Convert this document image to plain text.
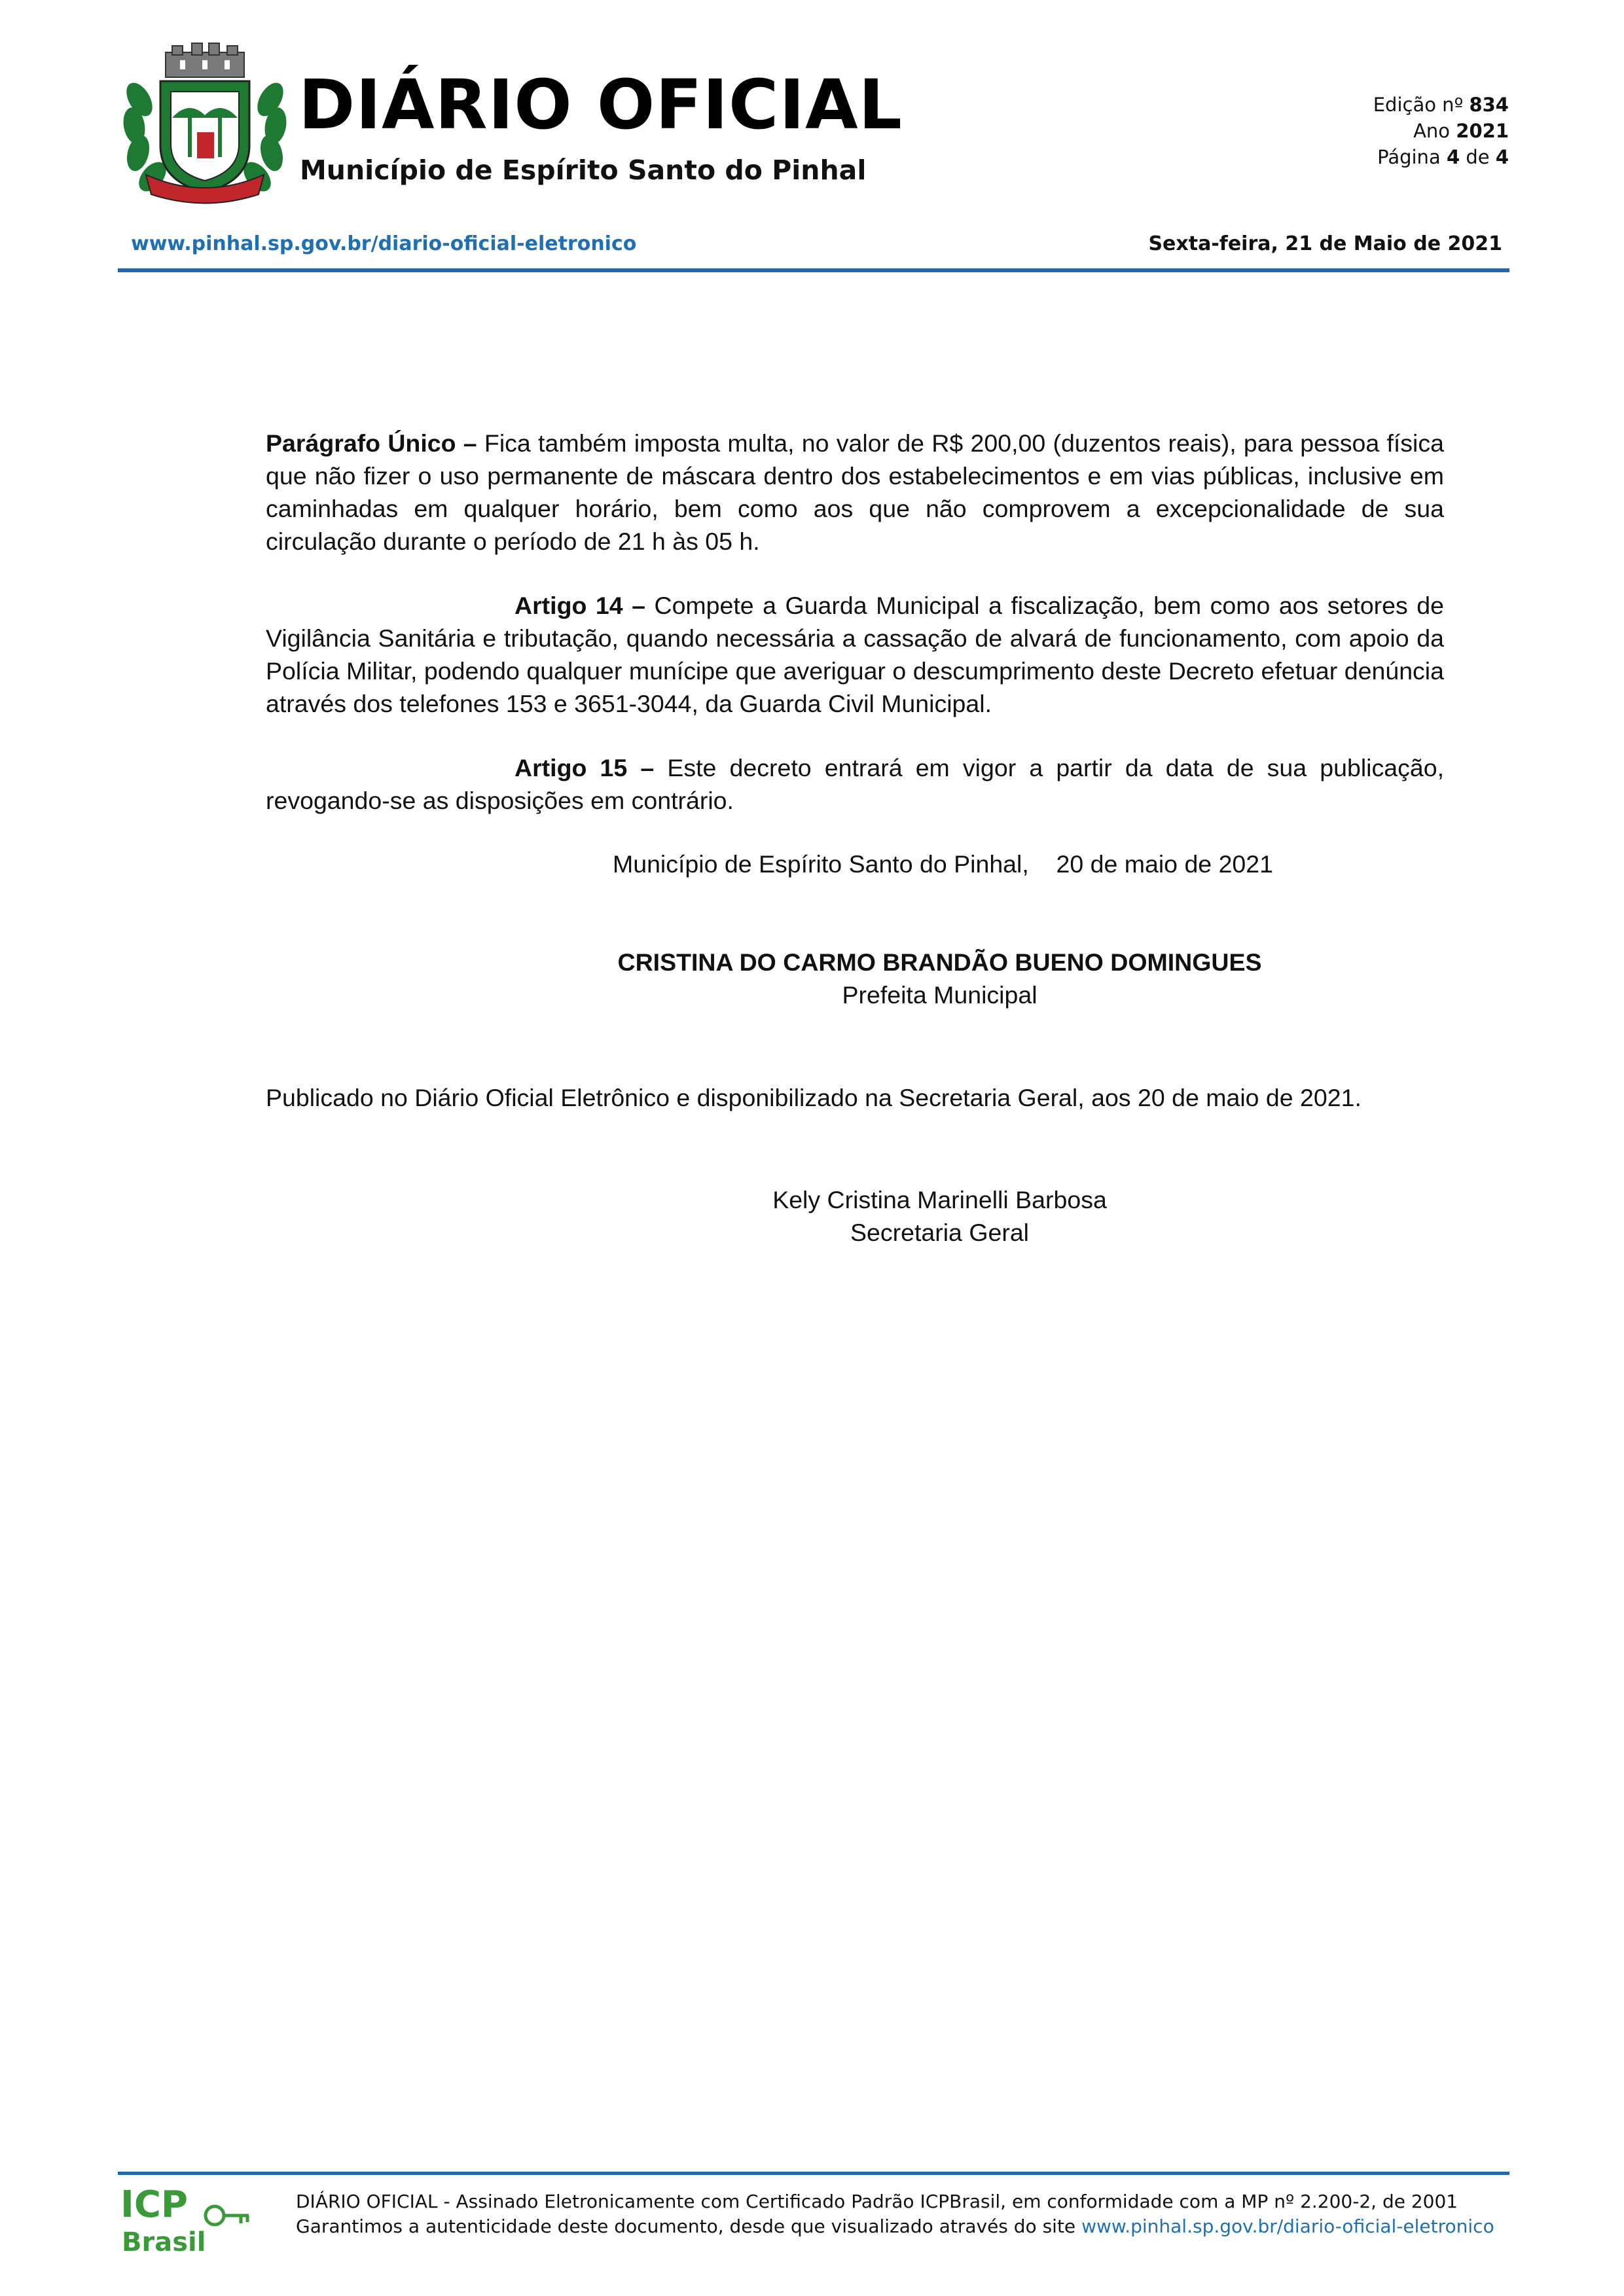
DIÁRIO OFICIAL
Município de Espírito Santo do Pinhal
Edição nº 834
Ano 2021
Página 4 de 4
www.pinhal.sp.gov.br/diario-oficial-eletronico	Sexta-feira, 21 de Maio de 2021
Parágrafo Único – Fica também imposta multa, no valor de R$ 200,00 (duzentos reais), para pessoa física que não fizer o uso permanente de máscara dentro dos estabelecimentos e em vias públicas, inclusive em caminhadas em qualquer horário, bem como aos que não comprovem a excepcionalidade de sua circulação durante o período de 21 h às 05 h.
Artigo 14 – Compete a Guarda Municipal a fiscalização, bem como aos setores de Vigilância Sanitária e tributação, quando necessária a cassação de alvará de funcionamento, com apoio da Polícia Militar, podendo qualquer munícipe que averiguar o descumprimento deste Decreto efetuar denúncia através dos telefones 153 e 3651-3044, da Guarda Civil Municipal.
Artigo 15 – Este decreto entrará em vigor a partir da data de sua publicação, revogando-se as disposições em contrário.
Município de Espírito Santo do Pinhal, 20 de maio de 2021
CRISTINA DO CARMO BRANDÃO BUENO DOMINGUES
Prefeita Municipal
Publicado no Diário Oficial Eletrônico e disponibilizado na Secretaria Geral, aos 20 de maio de 2021.
Kely Cristina Marinelli Barbosa
Secretaria Geral
ICP
Brasil
DIÁRIO OFICIAL - Assinado Eletronicamente com Certificado Padrão ICPBrasil, em conformidade com a MP nº 2.200-2, de 2001
Garantimos a autenticidade deste documento, desde que visualizado através do site www.pinhal.sp.gov.br/diario-oficial-eletronico
